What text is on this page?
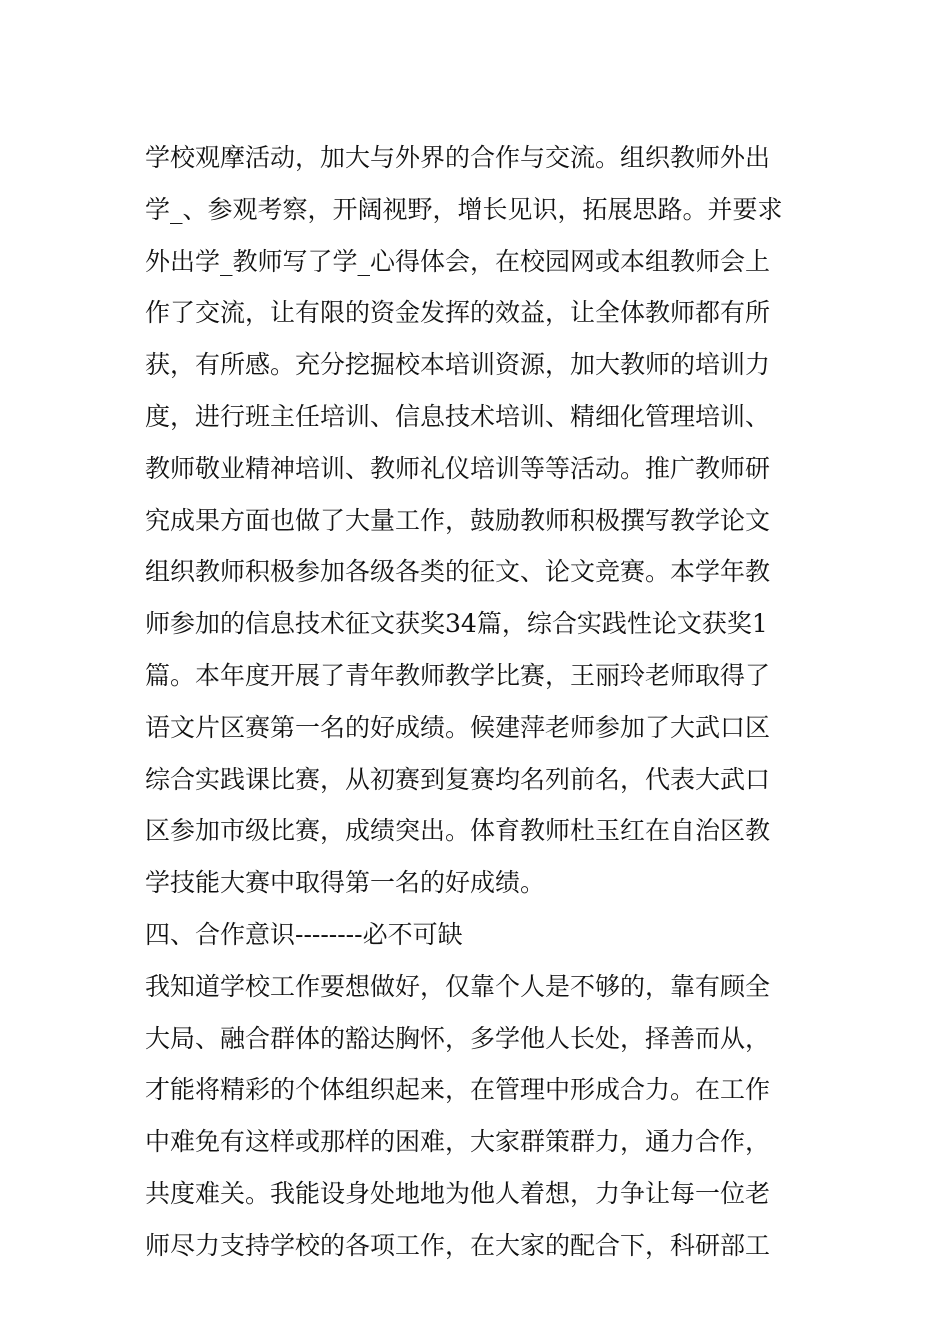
学校观摩活动，加大与外界的合作与交流。组织教师外出
学_、参观考察，开阔视野，增长见识，拓展思路。并要求
外出学_教师写了学_心得体会，在校园网或本组教师会上
作了交流，让有限的资金发挥的效益，让全体教师都有所
获，有所感。充分挖掘校本培训资源，加大教师的培训力
度，进行班主任培训、信息技术培训、精细化管理培训、
教师敬业精神培训、教师礼仪培训等等活动。推广教师研
究成果方面也做了大量工作，鼓励教师积极撰写教学论文
组织教师积极参加各级各类的征文、论文竞赛。本学年教
师参加的信息技术征文获奖34篇，综合实践性论文获奖1
篇。本年度开展了青年教师教学比赛，王丽玲老师取得了
语文片区赛第一名的好成绩。候建萍老师参加了大武口区
综合实践课比赛，从初赛到复赛均名列前名，代表大武口
区参加市级比赛，成绩突出。体育教师杜玉红在自治区教
学技能大赛中取得第一名的好成绩。
四、合作意识--------必不可缺
我知道学校工作要想做好，仅靠个人是不够的，靠有顾全
大局、融合群体的豁达胸怀，多学他人长处，择善而从，
才能将精彩的个体组织起来，在管理中形成合力。在工作
中难免有这样或那样的困难，大家群策群力，通力合作，
共度难关。我能设身处地地为他人着想，力争让每一位老
师尽力支持学校的各项工作，在大家的配合下，科研部工
